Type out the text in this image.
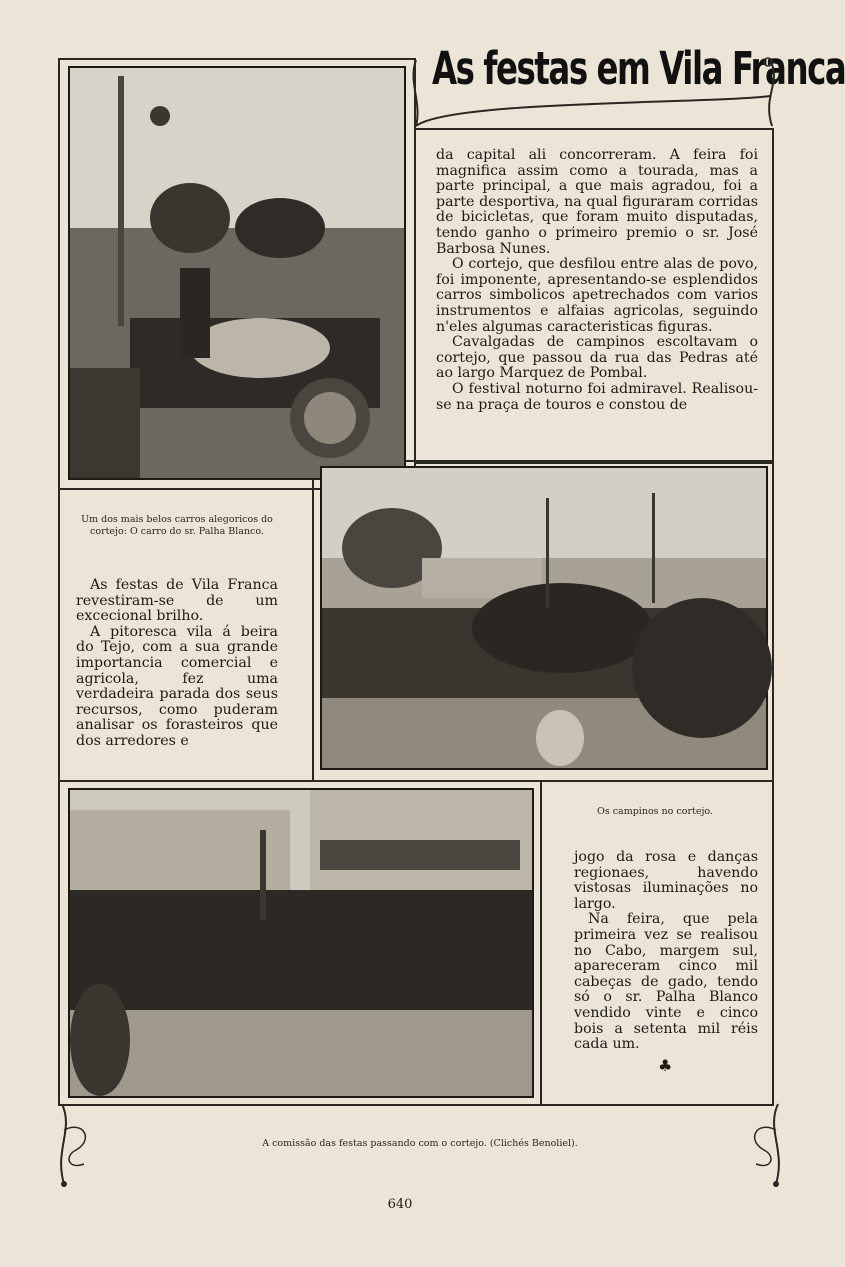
As festas em Vila Franca

da capital ali concorreram. A feira foi magnifica assim como a tourada, mas a parte principal, a que mais agradou, foi a parte desportiva, na qual figuraram corridas de bicicletas, que foram muito disputadas, tendo ganho o primeiro premio o sr. José Barbosa Nunes.

O cortejo, que desfilou entre alas de povo, foi imponente, apresentando-se esplendidos carros simbolicos apetrechados com varios instrumentos e alfaias agricolas, seguindo n'eles algumas caracteristicas figuras.

Cavalgadas de campinos escoltavam o cortejo, que passou da rua das Pedras até ao largo Marquez de Pombal.

O festival noturno foi admiravel. Realisou-se na praça de touros e constou de

Um dos mais belos carros alegoricos do cortejo: O carro do sr. Palha Blanco.

As festas de Vila Franca revestiram-se de um excecional brilho.

A pitoresca vila á beira do Tejo, com a sua grande importancia comercial e agricola, fez uma verdadeira parada dos seus recursos, como puderam analisar os forasteiros que dos arredores e

Os campinos no cortejo.

jogo da rosa e danças regionaes, havendo vistosas iluminações no largo.

Na feira, que pela primeira vez se realisou no Cabo, margem sul, apareceram cinco mil cabeças de gado, tendo só o sr. Palha Blanco vendido vinte e cinco bois a setenta mil réis cada um.

♣
A comissão das festas passando com o cortejo. (Clichés Benoliel).
640
